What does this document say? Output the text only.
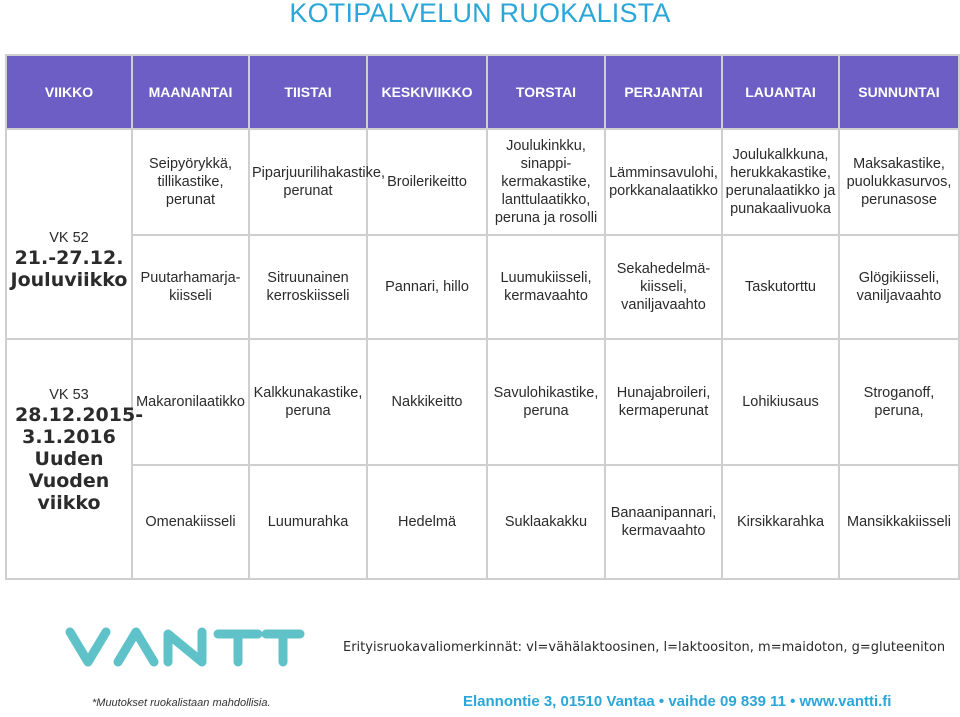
KOTIPALVELUN RUOKALISTA
VIIKKO	MAANANTAI	TIISTAI	KESKIVIIKKO	TORSTAI	PERJANTAI	LAUANTAI	SUNNUNTAI

VK 52
21.-27.12.
Jouluviikko	Seipyörykkä, tillikastike, perunat	Piparjuurilihakastike, perunat	Broilerikeitto	Joulukinkku, sinappi-kermakastike, lanttulaatikko, peruna ja rosolli	Lämminsavulohi, porkkanalaatikko	Joulukalkkuna, herukkakastike, perunalaatikko ja punakaalivuoka	Maksakastike, puolukkasurvos, perunasose
	Puutarhamarja-kiisseli	Sitruunainen kerroskiisseli	Pannari, hillo	Luumukiisseli, kermavaahto	Sekahedelmä-kiisseli, vaniljavaahto	Taskutorttu	Glögikiisseli, vaniljavaahto

VK 53
28.12.2015-3.1.2016
Uuden Vuoden viikko	Makaronilaatikko	Kalkkunakastike, peruna	Nakkikeitto	Savulohikastike, peruna	Hunajabroileri, kermaperunat	Lohikiusaus	Stroganoff, peruna,
	Omenakiisseli	Luumurahka	Hedelmä	Suklaakakku	Banaanipannari, kermavaahto	Kirsikkarahka	Mansikkakiisseli
Erityisruokavaliomerkinnät: vl=vähälaktoosinen, l=laktoositon, m=maidoton, g=gluteeniton
*Muutokset ruokalistaan mahdollisia.	Elannontie 3, 01510 Vantaa • vaihde 09 839 11 • www.vantti.fi
